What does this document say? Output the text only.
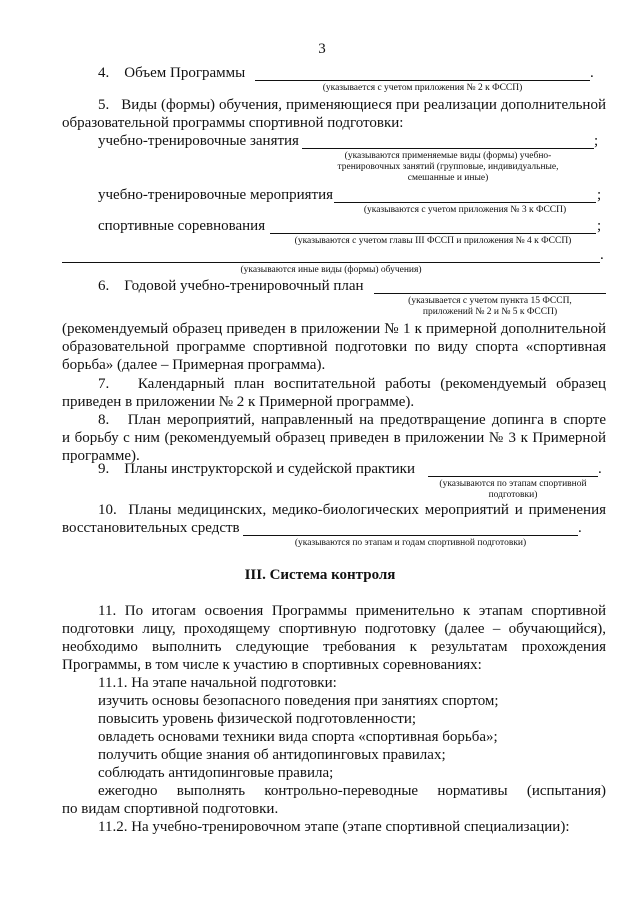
3
4.    Объем Программы	.
(указывается с учетом приложения № 2 к ФССП)
5.   Виды (формы) обучения, применяющиеся при реализации дополнительной
образовательной программы спортивной подготовки:
учебно-тренировочные занятия	;
(указываются применяемые виды (формы) учебно-
тренировочных занятий (групповые, индивидуальные,
смешанные и иные)
учебно-тренировочные мероприятия	;
(указываются с учетом приложения № 3 к ФССП)
спортивные соревнования	;
(указываются с учетом главы III ФССП и приложения № 4 к ФССП)
.
(указываются иные виды (формы) обучения)
6.    Годовой учебно-тренировочный план
(указывается с учетом пункта 15 ФССП,
приложений № 2 и № 5 к ФССП)
(рекомендуемый образец приведен в приложении № 1 к примерной дополнительной
образовательной программе спортивной подготовки по виду спорта «спортивная
борьба» (далее – Примерная программа).
7.   Календарный план воспитательной работы (рекомендуемый образец
приведен в приложении № 2 к Примерной программе).
8.   План мероприятий, направленный на предотвращение допинга в спорте
и борьбу с ним (рекомендуемый образец приведен в приложении № 3 к Примерной
программе).
9.    Планы инструкторской и судейской практики	.
(указываются по этапам спортивной
подготовки)
10.  Планы медицинских, медико-биологических мероприятий и применения
восстановительных средств	.
(указываются по этапам и годам спортивной подготовки)
III. Система контроля
11. По итогам освоения Программы применительно к этапам спортивной
подготовки лицу, проходящему спортивную подготовку (далее – обучающийся),
необходимо выполнить следующие требования к результатам прохождения
Программы, в том числе к участию в спортивных соревнованиях:
11.1. На этапе начальной подготовки:
изучить основы безопасного поведения при занятиях спортом;
повысить уровень физической подготовленности;
овладеть основами техники вида спорта «спортивная борьба»;
получить общие знания об антидопинговых правилах;
соблюдать антидопинговые правила;
ежегодно выполнять контрольно-переводные нормативы (испытания)
по видам спортивной подготовки.
11.2. На учебно-тренировочном этапе (этапе спортивной специализации):
